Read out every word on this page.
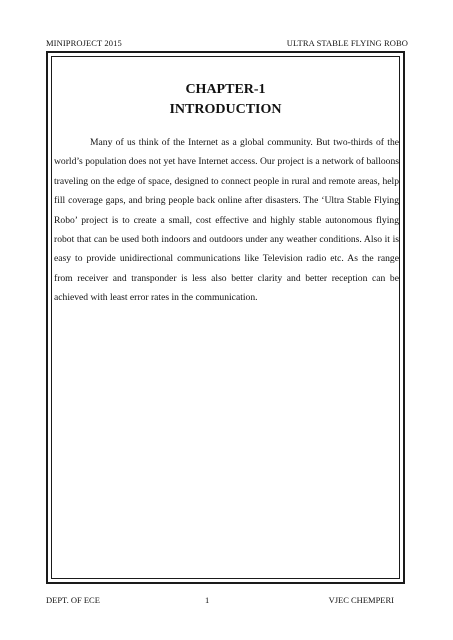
MINIPROJECT 2015	ULTRA STABLE FLYING ROBO
CHAPTER-1
INTRODUCTION

Many of us think of the Internet as a global community. But two-thirds of the world’s population does not yet have Internet access. Our project is a network of balloons traveling on the edge of space, designed to connect people in rural and remote areas, help fill coverage gaps, and bring people back online after disasters. The ‘Ultra Stable Flying Robo’ project is to create a small, cost effective and highly stable autonomous flying robot that can be used both indoors and outdoors under any weather conditions. Also it is easy to provide unidirectional communications like Television radio etc. As the range from receiver and transponder is less also better clarity and better reception can be achieved with least error rates in the communication.

DEPT. OF ECE	1	VJEC CHEMPERI
